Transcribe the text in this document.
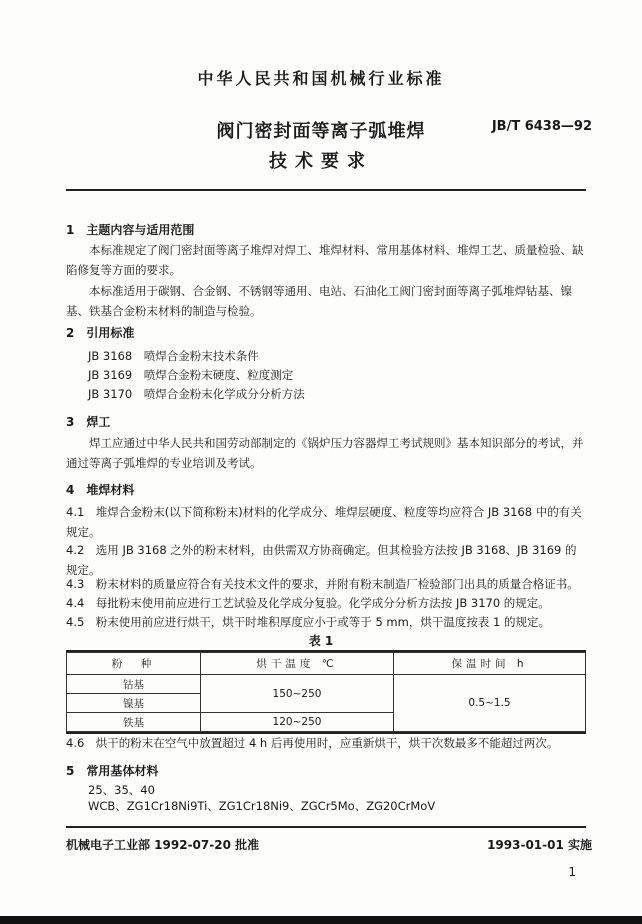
中华人民共和国机械行业标准
阀门密封面等离子弧堆焊	JB/T 6438—92
技术要求
1　主题内容与适用范围
本标准规定了阀门密封面等离子堆焊对焊工、堆焊材料、常用基体材料、堆焊工艺、质量检验、缺陷修复等方面的要求。
本标准适用于碳钢、合金钢、不锈钢等通用、电站、石油化工阀门密封面等离子弧堆焊钴基、镍基、铁基合金粉末材料的制造与检验。
2　引用标准
JB 3168　喷焊合金粉末技术条件
JB 3169　喷焊合金粉末硬度、粒度测定
JB 3170　喷焊合金粉末化学成分分析方法
3　焊工
焊工应通过中华人民共和国劳动部制定的《锅炉压力容器焊工考试规则》基本知识部分的考试，并通过等离子弧堆焊的专业培训及考试。
4　堆焊材料
4.1　堆焊合金粉末(以下简称粉末)材料的化学成分、堆焊层硬度、粒度等均应符合 JB 3168 中的有关规定。
4.2　选用 JB 3168 之外的粉末材料，由供需双方协商确定。但其检验方法按 JB 3168、JB 3169 的规定。
4.3　粉末材料的质量应符合有关技术文件的要求，并附有粉末制造厂检验部门出具的质量合格证书。
4.4　每批粉末使用前应进行工艺试验及化学成分复验。化学成分分析方法按 JB 3170 的规定。
4.5　粉末使用前应进行烘干，烘干时堆积厚度应小于或等于 5 mm，烘干温度按表 1 的规定。
表 1
粉　种	烘干温度 ℃	保温时间 h
钴基	150~250	0.5~1.5
镍基		
铁基	120~250	
4.6　烘干的粉末在空气中放置超过 4 h 后再使用时，应重新烘干，烘干次数最多不能超过两次。
5　常用基体材料
25、35、40
WCB、ZG1Cr18Ni9Ti、ZG1Cr18Ni9、ZGCr5Mo、ZG20CrMoV
机械电子工业部 1992-07-20 批准	1993-01-01 实施
1
